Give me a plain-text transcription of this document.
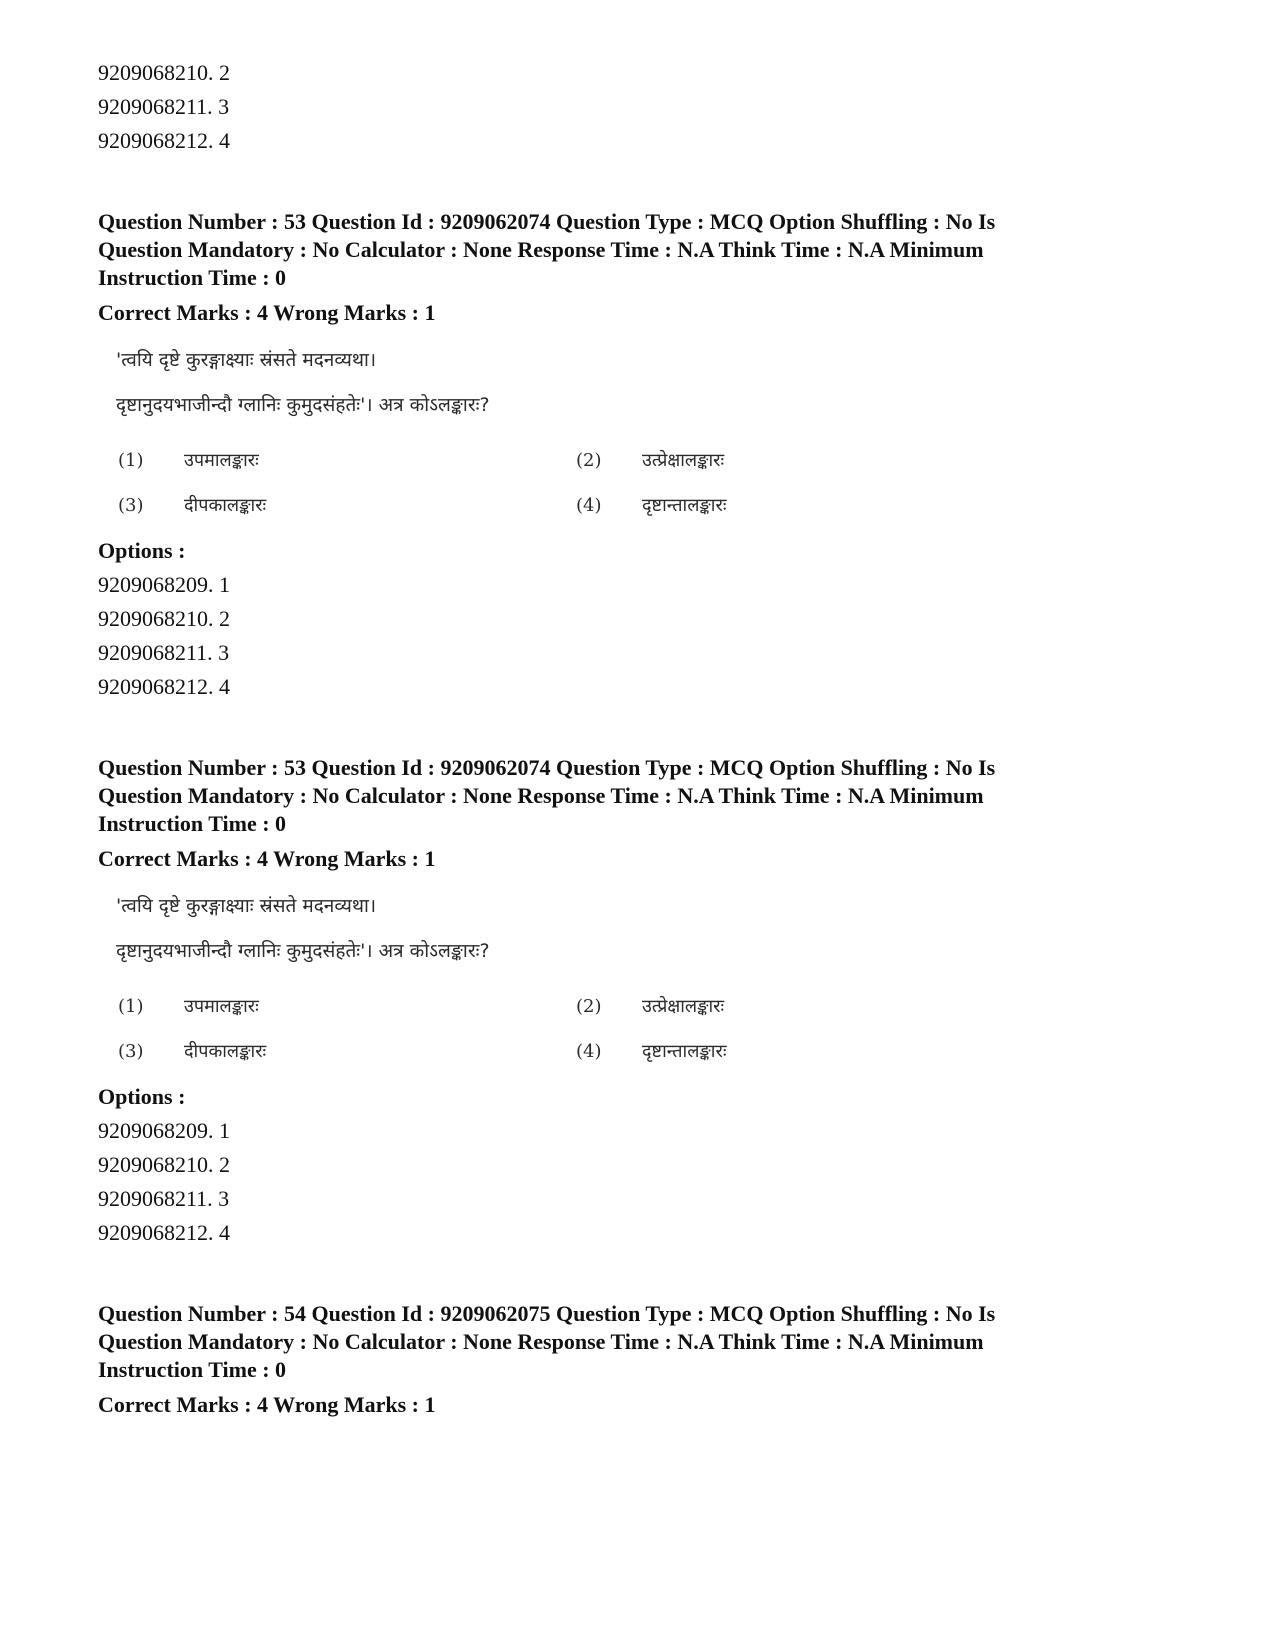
9209068210. 2
9209068211. 3
9209068212. 4
Question Number : 53 Question Id : 9209062074 Question Type : MCQ Option Shuffling : No Is
Question Mandatory : No Calculator : None Response Time : N.A Think Time : N.A Minimum
Instruction Time : 0
Correct Marks : 4 Wrong Marks : 1
'त्वयि दृष्टे कुरङ्गाक्ष्याः स्रंसते मदनव्यथा।
दृष्टानुदयभाजीन्दौ ग्लानिः कुमुदसंहतेः'। अत्र कोऽलङ्कारः?
(1) उपमालङ्कारः	(2) उत्प्रेक्षालङ्कारः
(3) दीपकालङ्कारः	(4) दृष्टान्तालङ्कारः
Options :
9209068209. 1
9209068210. 2
9209068211. 3
9209068212. 4
Question Number : 53 Question Id : 9209062074 Question Type : MCQ Option Shuffling : No Is
Question Mandatory : No Calculator : None Response Time : N.A Think Time : N.A Minimum
Instruction Time : 0
Correct Marks : 4 Wrong Marks : 1
'त्वयि दृष्टे कुरङ्गाक्ष्याः स्रंसते मदनव्यथा।
दृष्टानुदयभाजीन्दौ ग्लानिः कुमुदसंहतेः'। अत्र कोऽलङ्कारः?
(1) उपमालङ्कारः	(2) उत्प्रेक्षालङ्कारः
(3) दीपकालङ्कारः	(4) दृष्टान्तालङ्कारः
Options :
9209068209. 1
9209068210. 2
9209068211. 3
9209068212. 4
Question Number : 54 Question Id : 9209062075 Question Type : MCQ Option Shuffling : No Is
Question Mandatory : No Calculator : None Response Time : N.A Think Time : N.A Minimum
Instruction Time : 0
Correct Marks : 4 Wrong Marks : 1
